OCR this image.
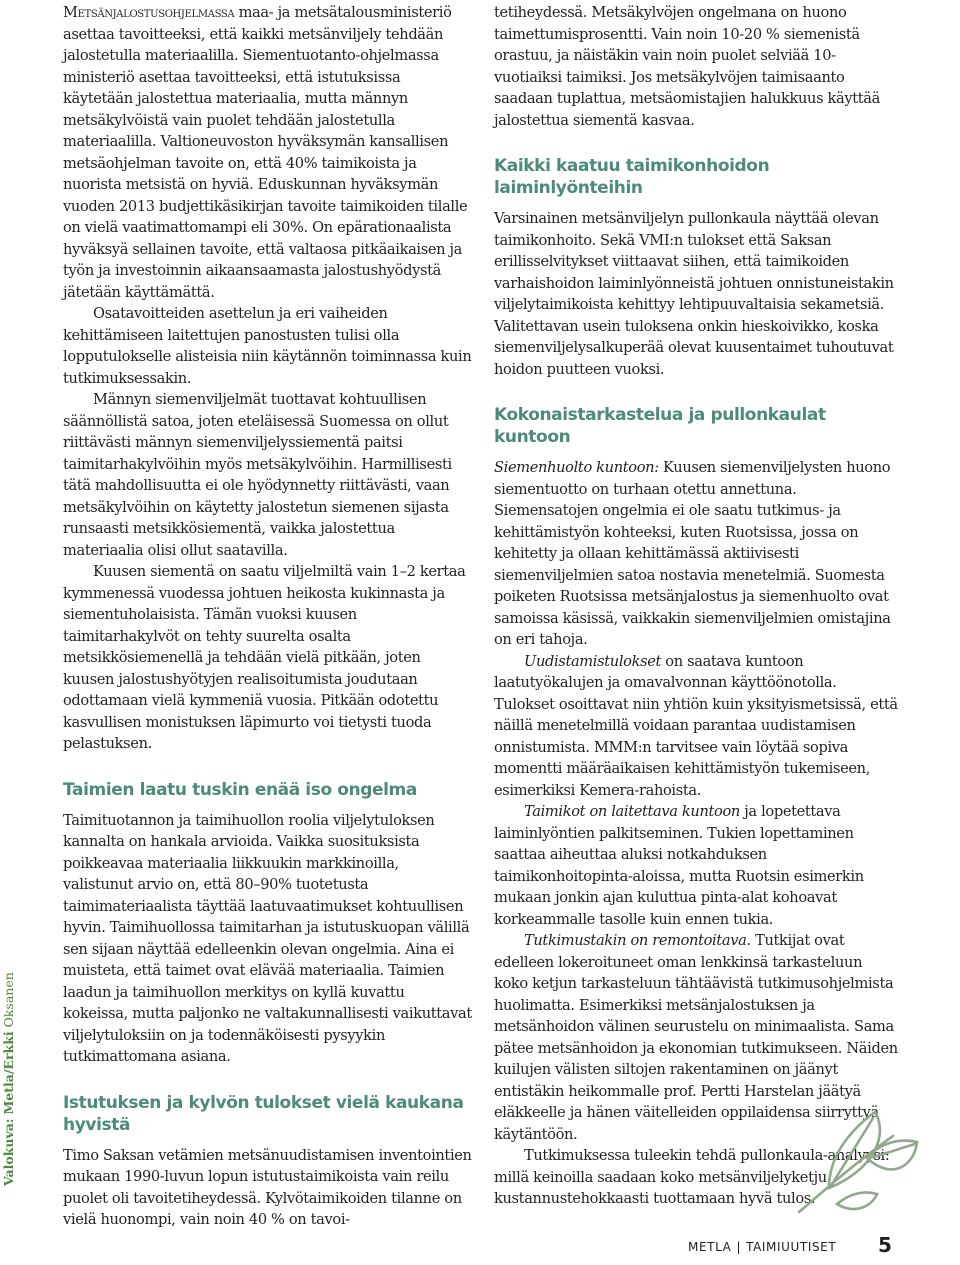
Valokuva: Metla/Erkki Oksanen

Metsänjalostusohjelmassa maa- ja metsätalousministeriö asettaa tavoitteeksi, että kaikki metsänviljely tehdään jalostetulla materiaalilla. Siementuotanto-ohjelmassa ministeriö asettaa tavoitteeksi, että istutuksissa käytetään jalostettua materiaalia, mutta männyn metsäkylvöistä vain puolet tehdään jalostetulla materiaalilla. Valtioneuvoston hyväksymän kansallisen metsäohjelman tavoite on, että 40% taimikoista ja nuorista metsistä on hyviä. Eduskunnan hyväksymän vuoden 2013 budjettikäsikirjan tavoite taimikoiden tilalle on vielä vaatimattomampi eli 30%. On epärationaalista hyväksyä sellainen tavoite, että valtaosa pitkäaikaisen ja työn ja investoinnin aikaansaamasta jalostushyödystä jätetään käyttämättä.

Osatavoitteiden asettelun ja eri vaiheiden kehittämiseen laitettujen panostusten tulisi olla lopputulokselle alisteisia niin käytännön toiminnassa kuin tutkimuksessakin.

Männyn siemenviljelmät tuottavat kohtuullisen säännöllistä satoa, joten eteläisessä Suomessa on ollut riittävästi männyn siemenviljelyssiementä paitsi taimitarhakylvöihin myös metsäkylvöihin. Harmillisesti tätä mahdollisuutta ei ole hyödynnetty riittävästi, vaan metsäkylvöihin on käytetty jalostetun siemenen sijasta runsaasti metsikkösiementä, vaikka jalostettua materiaalia olisi ollut saatavilla.

Kuusen siementä on saatu viljelmiltä vain 1–2 kertaa kymmenessä vuodessa johtuen heikosta kukinnasta ja siementuholaisista. Tämän vuoksi kuusen taimitarhakylvöt on tehty suurelta osalta metsikkösiemenellä ja tehdään vielä pitkään, joten kuusen jalostushyötyjen realisoitumista joudutaan odottamaan vielä kymmeniä vuosia. Pitkään odotettu kasvullisen monistuksen läpimurto voi tietysti tuoda pelastuksen.

Taimien laatu tuskin enää iso ongelma

Taimituotannon ja taimihuollon roolia viljelytuloksen kannalta on hankala arvioida. Vaikka suosituksista poikkeavaa materiaalia liikkuukin markkinoilla, valistunut arvio on, että 80–90% tuotetusta taimimateriaalista täyttää laatuvaatimukset kohtuullisen hyvin. Taimihuollossa taimitarhan ja istutuskuopan välillä sen sijaan näyttää edelleenkin olevan ongelmia. Aina ei muisteta, että taimet ovat elävää materiaalia. Taimien laadun ja taimihuollon merkitys on kyllä kuvattu kokeissa, mutta paljonko ne valtakunnallisesti vaikuttavat viljelytuloksiin on ja todennäköisesti pysyykin tutkimattomana asiana.

Istutuksen ja kylvön tulokset vielä kaukana hyvistä

Timo Saksan vetämien metsänuudistamisen inventointien mukaan 1990-luvun lopun istutustaimikoista vain reilu puolet oli tavoitetiheydessä. Kylvötaimikoiden tilanne on vielä huonompi, vain noin 40 % on tavoi-

tetiheydessä. Metsäkylvöjen ongelmana on huono taimettumisprosentti. Vain noin 10-20 % siemenistä orastuu, ja näistäkin vain noin puolet selviää 10-vuotiaiksi taimiksi. Jos metsäkylvöjen taimisaanto saadaan tuplattua, metsäomistajien halukkuus käyttää jalostettua siementä kasvaa.

Kaikki kaatuu taimikonhoidon laiminlyönteihin

Varsinainen metsänviljelyn pullonkaula näyttää olevan taimikonhoito. Sekä VMI:n tulokset että Saksan erillisselvitykset viittaavat siihen, että taimikoiden varhaishoidon laiminlyönneistä johtuen onnistuneistakin viljelytaimikoista kehittyy lehtipuuvaltaisia sekametsiä. Valitettavan usein tuloksena onkin hieskoivikko, koska siemenviljelysalkuperää olevat kuusentaimet tuhoutuvat hoidon puutteen vuoksi.

Kokonaistarkastelua ja pullonkaulat kuntoon

Siemenhuolto kuntoon: Kuusen siemenviljelysten huono siementuotto on turhaan otettu annettuna. Siemensatojen ongelmia ei ole saatu tutkimus- ja kehittämistyön kohteeksi, kuten Ruotsissa, jossa on kehitetty ja ollaan kehittämässä aktiivisesti siemenviljelmien satoa nostavia menetelmiä. Suomesta poiketen Ruotsissa metsänjalostus ja siemenhuolto ovat samoissa käsissä, vaikkakin siemenviljelmien omistajina on eri tahoja.

Uudistamistulokset on saatava kuntoon laatutyökalujen ja omavalvonnan käyttöönotolla. Tulokset osoittavat niin yhtiön kuin yksityismetsissä, että näillä menetelmillä voidaan parantaa uudistamisen onnistumista. MMM:n tarvitsee vain löytää sopiva momentti määräaikaisen kehittämistyön tukemiseen, esimerkiksi Kemera-rahoista.

Taimikot on laitettava kuntoon ja lopetettava laiminlyöntien palkitseminen. Tukien lopettaminen saattaa aiheuttaa aluksi notkahduksen taimikonhoitopinta-aloissa, mutta Ruotsin esimerkin mukaan jonkin ajan kuluttua pinta-alat kohoavat korkeammalle tasolle kuin ennen tukia.

Tutkimustakin on remontoitava. Tutkijat ovat edelleen lokeroituneet oman lenkkinsä tarkasteluun koko ketjun tarkasteluun tähtäävistä tutkimusohjelmista huolimatta. Esimerkiksi metsänjalostuksen ja metsänhoidon välinen seurustelu on minimaalista. Sama pätee metsänhoidon ja ekonomian tutkimukseen. Näiden kuilujen välisten siltojen rakentaminen on jäänyt entistäkin heikommalle prof. Pertti Harstelan jäätyä eläkkeelle ja hänen väitelleiden oppilaidensa siirryttyä käytäntöön.

Tutkimuksessa tuleekin tehdä pullonkaula-analyysi: millä keinoilla saadaan koko metsänviljelyketju kustannustehokkaasti tuottamaan hyvä tulos.

METLA | TAIMIUUTISET 5
